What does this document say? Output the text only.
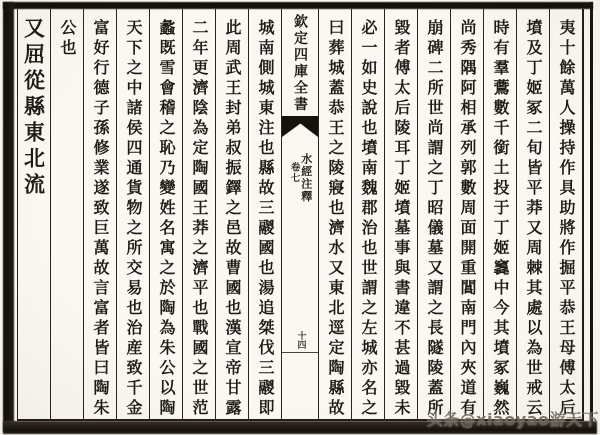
夷十餘萬人操持作具助將作掘平恭王母傅太后
墳及丁姬冢二旬皆平莽又周棘其處以為世戒云
時有羣鷰數千銜土投于丁姬竁中今其墳冢巍然
尚秀隅阿相承列郭數周面開重閶南門內夾道有
崩碑二所世尚謂之丁昭儀墓又謂之長隧陵蓋所
毀者傅太后陵耳丁姬墳墓事與書違不甚過毀未
必一如史說也墳南魏郡治也世謂之左城亦名之
曰葬城蓋恭王之陵寢也濟水又東北逕定陶縣故
欽定四庫全書
水經注釋
卷七
十四
城南側城東注也縣故三鬷國也湯追桀伐三鬷即
此周武王封弟叔振鐸之邑故曹國也漢宣帝甘露
二年更濟陰為定陶國王莽之濟平也戰國之世范
蠡既雪會稽之恥乃變姓名寓之於陶為朱公以陶
天下之中諸侯四通貨物之所交易也治産致千金
富好行德子孫修業遂致巨萬故言富者皆曰陶朱
公也
又屈從縣東北流
头条@xiaoyao游天下
